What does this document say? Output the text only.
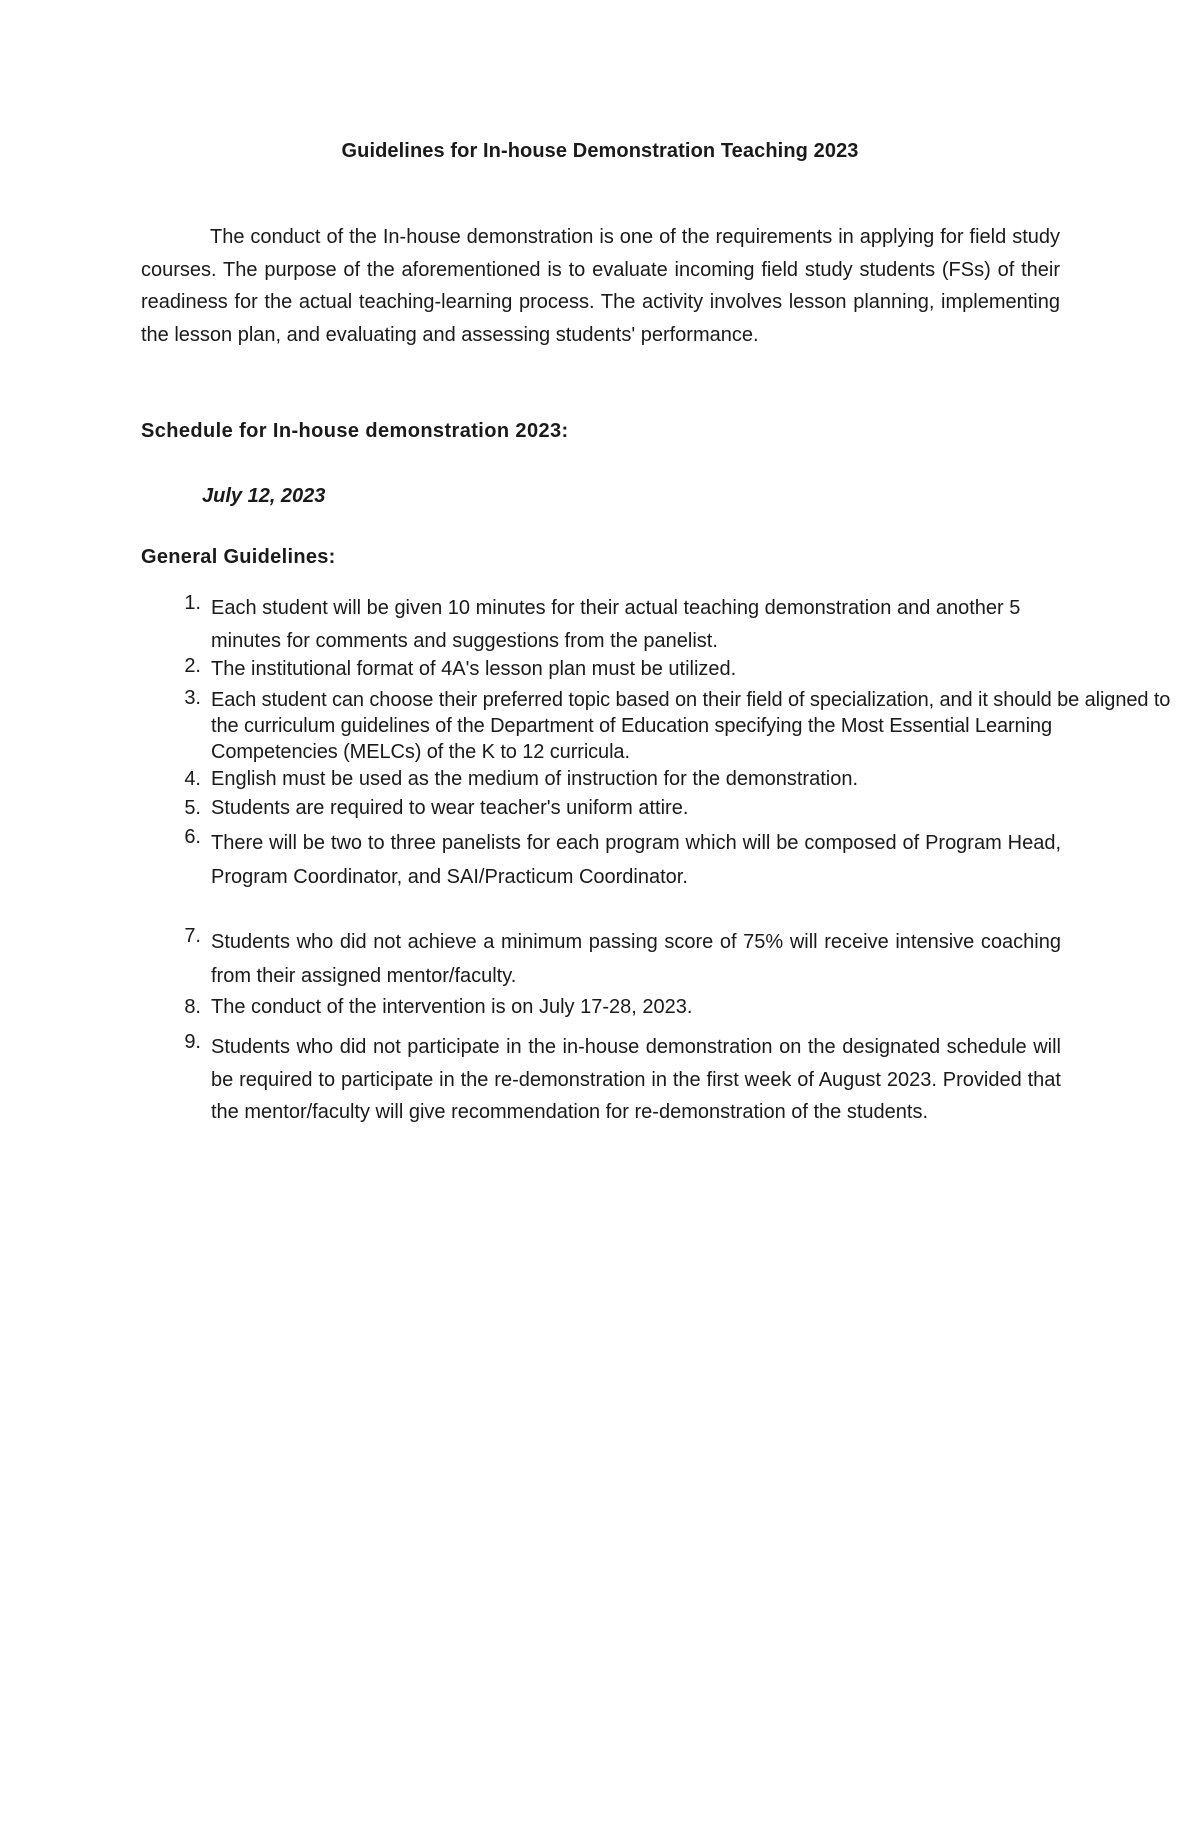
Guidelines for In-house Demonstration Teaching 2023

The conduct of the In-house demonstration is one of the requirements in applying for field study courses. The purpose of the aforementioned is to evaluate incoming field study students (FSs) of their readiness for the actual teaching-learning process. The activity involves lesson planning, implementing the lesson plan, and evaluating and assessing students' performance.

Schedule for In-house demonstration 2023:

July 12, 2023

General Guidelines:

1. Each student will be given 10 minutes for their actual teaching demonstration and another 5 minutes for comments and suggestions from the panelist.
2. The institutional format of 4A's lesson plan must be utilized.
3. Each student can choose their preferred topic based on their field of specialization, and it should be aligned to the curriculum guidelines of the Department of Education specifying the Most Essential Learning Competencies (MELCs) of the K to 12 curricula.
4. English must be used as the medium of instruction for the demonstration.
5. Students are required to wear teacher's uniform attire.
6. There will be two to three panelists for each program which will be composed of Program Head, Program Coordinator, and SAI/Practicum Coordinator.
7. Students who did not achieve a minimum passing score of 75% will receive intensive coaching from their assigned mentor/faculty.
8. The conduct of the intervention is on July 17-28, 2023.
9. Students who did not participate in the in-house demonstration on the designated schedule will be required to participate in the re-demonstration in the first week of August 2023. Provided that the mentor/faculty will give recommendation for re-demonstration of the students.
